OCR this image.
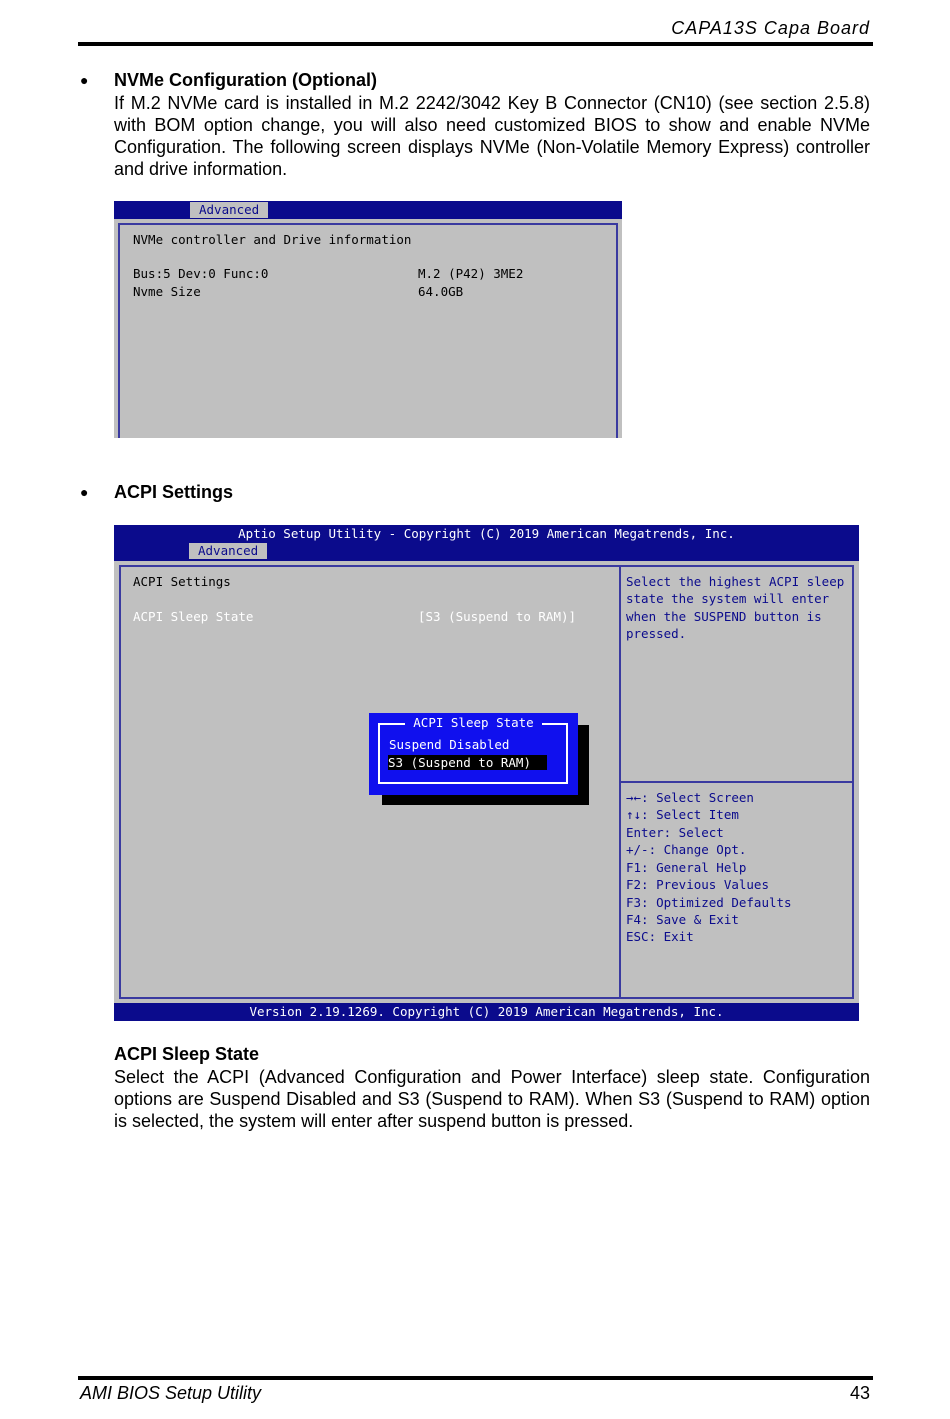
CAPA13S Capa Board
● NVMe Configuration (Optional)

If M.2 NVMe card is installed in M.2 2242/3042 Key B Connector (CN10) (see section 2.5.8) with BOM option change, you will also need customized BIOS to show and enable NVMe Configuration. The following screen displays NVMe (Non-Volatile Memory Express) controller and drive information.

Advanced
NVMe controller and Drive information
Bus:5 Dev:0 Func:0	M.2 (P42) 3ME2
Nvme Size	64.0GB
● ACPI Settings
Aptio Setup Utility - Copyright (C) 2019 American Megatrends, Inc.
Advanced
ACPI Settings
ACPI Sleep State	[S3 (Suspend to RAM)]
Select the highest ACPI sleep
state the system will enter
when the SUSPEND button is
pressed.
ACPI Sleep State
Suspend Disabled
S3 (Suspend to RAM)
→←: Select Screen
↑↓: Select Item
Enter: Select
+/-: Change Opt.
F1: General Help
F2: Previous Values
F3: Optimized Defaults
F4: Save & Exit
ESC: Exit
Version 2.19.1269. Copyright (C) 2019 American Megatrends, Inc.
ACPI Sleep State

Select the ACPI (Advanced Configuration and Power Interface) sleep state. Configuration options are Suspend Disabled and S3 (Suspend to RAM). When S3 (Suspend to RAM) option is selected, the system will enter after suspend button is pressed.

AMI BIOS Setup Utility	43
